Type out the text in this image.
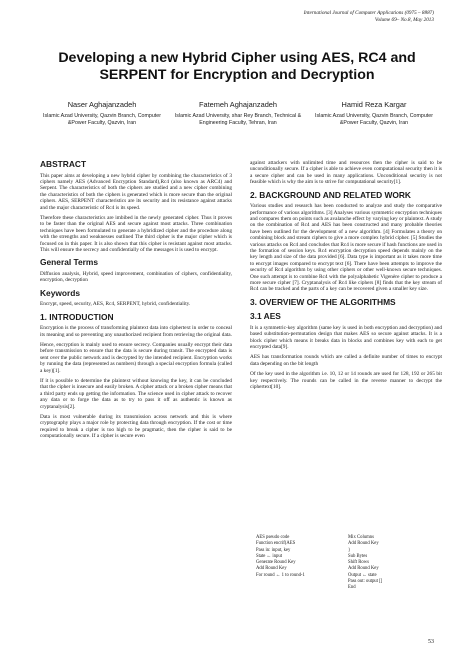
International Journal of Computer Applications (0975 – 8887)
Volume 69– No.8, May 2013
Developing a new Hybrid Cipher using AES, RC4 and SERPENT for Encryption and Decryption
Naser Aghajanzadeh
Islamic Azad University, Qazvin Branch, Computer &Power Faculty, Qazvin, Iran
Fatemeh Aghajanzadeh
Islamic Azad University, shar Rey Branch, Technical & Engineering Faculty, Tehran, Iran
Hamid Reza Kargar
Islamic Azad University, Qazvin Branch, Computer &Power Faculty, Qazvin, Iran
ABSTRACT

This paper aims at developing a new hybrid cipher by combining the characteristics of 3 ciphers namely AES (Advanced Encryption Standard),Rc4 (also known as ARC4) and Serpent. The characteristics of both the ciphers are studied and a new cipher combining the characteristics of both the ciphers is generated which is more secure than the original ciphers. AES, SERPENT characteristics are its security and its resistance against attacks and the major characteristic of Rc4 is its speed.

Therefore these characteristics are imbibed in the newly generated cipher. Thus it proves to be faster than the original AES and secure against most attacks. Three combination techniques have been formulated to generate a hybridized cipher and the procedure along with the strengths and weaknesses outlined The third cipher is the major cipher which is focused on in this paper. It is also shown that this cipher is resistant against most attacks. This will ensure the secrecy and confidentially of the messages it is used to encrypt.

General Terms

Diffusion analysis, Hybrid, speed improvement, combination of ciphers, confidentiality, encryption, decryption

Keywords

Encrypt, speed, security, AES, Rc4, SERPENT, hybrid, confidentiality.

1. INTRODUCTION

Encryption is the process of transforming plaintext data into ciphertext in order to conceal its meaning and so preventing any unauthorized recipient from retrieving the original data.

Hence, encryption is mainly used to ensure secrecy. Companies usually encrypt their data before transmission to ensure that the data is secure during transit. The encrypted data is sent over the public network and is decrypted by the intended recipient. Encryption works by running the data (represented as numbers) through a special encryption formula (called a key)[1].

If it is possible to determine the plaintext without knowing the key, it can be concluded that the cipher is insecure and easily broken. A cipher attack or a broken cipher means that a third party ends up getting the information. The science used in cipher attack to recover any data or to forge the data as to try to pass it off as authentic is known as cryptanalysis[2].

Data is most vulnerable during its transmission across network and this is where cryptography plays a major role by protecting data through encryption. If the cost or time required to break a cipher is too high to be pragmatic, then the cipher is said to be computationally secure. If a cipher is secure even

against attackers with unlimited time and resources then the cipher is said to be unconditionally secure. If a cipher is able to achieve even computational security then it is a secure cipher and can be used in many applications. Unconditional security is not feasible which is why the aim is to strive for computational security[1].

2. BACKGROUND AND RELATED WORK

Various studies and research has been conducted to analyze and study the comparative performance of various algorithms. [3] Analyses various symmetric encryption techniques and compares them on points such as avalanche effect by varying key or plaintext. A study on the combination of Rc4 and AES has been constructed and many probable theories have been outlined for the development of a new algorithm. [4] Formulates a theory on combining block and stream ciphers to give a more complex hybrid cipher. [5] Studies the various attacks on Rc4 and concludes that Rc4 is more secure if hash functions are used in the formation of session keys. Rc4 encryption decryption speed depends mainly on the key length and size of the data provided [6]. Data type is important as it takes more time to encrypt images compared to encrypt text [6]. There have been attempts to improve the security of Rc4 algorithm by using other ciphers or other well-known secure techniques. One such attempt is to combine Rc4 with the polyalphabetic Vigenère cipher to produce a more secure cipher [7]. Cryptanalysis of Rc4 like ciphers [8] finds that the key stream of Rc4 can be tracked and the parts of a key can be recovered given a smaller key size.

3. OVERVIEW OF THE ALGORITHMS
3.1 AES

It is a symmetric-key algorithm (same key is used in both encryption and decryption) and based substitution-permutation design that makes AES so secure against attacks. It is a block cipher which means it breaks data in blocks and combines key with each to get encrypted data[9].

AES has transformation rounds which are called a definite number of times to encrypt data depending on the bit length

Of the key used in the algorithm i.e. 10, 12 or 14 rounds are used for 128, 192 or 265 bit key respectively. The rounds can be called in the reverse manner to decrypt the ciphertext[10].

AES pseudo code
Function encrif(AES
Pass in: input, key
State ← input
Generate Round Key
Add Round Key
For round ← 1 to round-1
Mix Columns
Add Round Key
}
Sub Bytes
Shift Rows
Add Round Key
Output ← state
Pass out: output []
End
53
